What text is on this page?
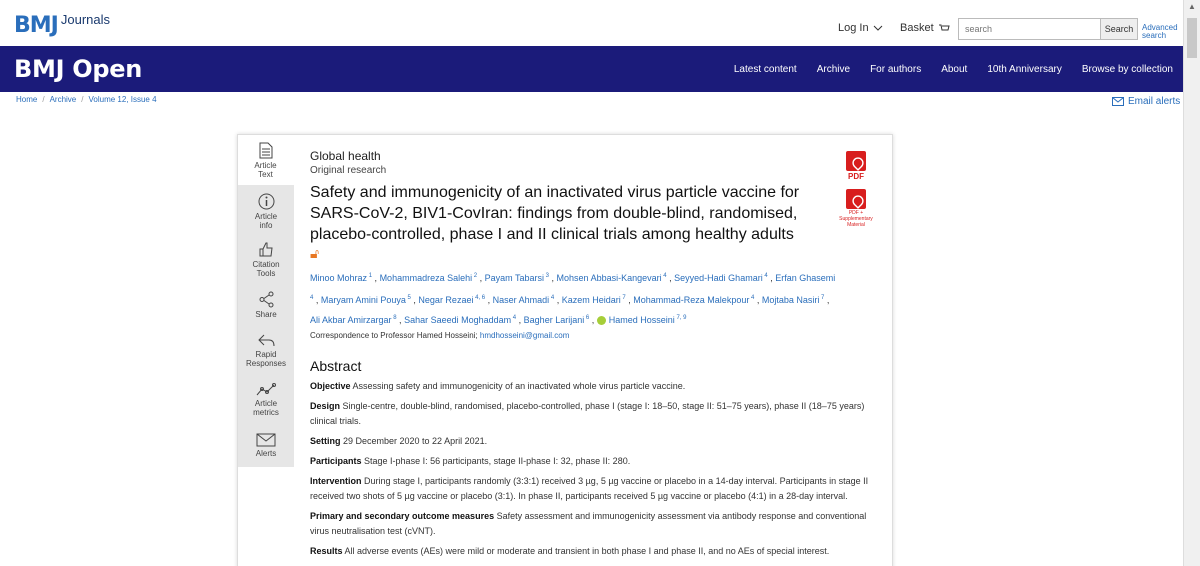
BMJ Journals
Log In	Basket
search	Search	Advanced search
BMJ Open	Latest content Archive For authors About 10th Anniversary Browse by collection
Home / Archive / Volume 12, Issue 4	Email alerts
Article Text
Article info
Citation Tools
Share
Rapid Responses
Article metrics
Alerts
PDF
PDF + Supplementary Material
Global health
Original research
Safety and immunogenicity of an inactivated virus particle vaccine for SARS-CoV-2, BIV1-CovIran: findings from double-blind, randomised, placebo-controlled, phase I and II clinical trials among healthy adults
🔓︎
Minoo Mohraz $^1$ , Mohammadreza Salehi $^2$ , Payam Tabarsi $^3$ , Mohsen Abbasi-Kangevari $^4$ , Seyyed-Hadi Ghamari $^4$ , Erfan Ghasemi $^4$ , Maryam Amini Pouya $^5$ , Negar Rezaei $^{4, 6}$ , Naser Ahmadi $^4$ , Kazem Heidari $^7$ , Mohammad-Reza Malekpour $^4$ , Mojtaba Nasiri $^7$ , Ali Akbar Amirzargar $^8$ , Sahar Saeedi Moghaddam $^4$ , Bagher Larijani $^6$ , Hamed Hosseini $^{7, 9}$
Correspondence to Professor Hamed Hosseini; hmdhosseini@gmail.com
Abstract
Objective Assessing safety and immunogenicity of an inactivated whole virus particle vaccine.
Design Single-centre, double-blind, randomised, placebo-controlled, phase I (stage I: 18–50, stage II: 51–75 years), phase II (18–75 years) clinical trials.
Setting 29 December 2020 to 22 April 2021.
Participants Stage I-phase I: 56 participants, stage II-phase I: 32, phase II: 280.
Intervention During stage I, participants randomly (3:3:1) received 3 µg, 5 µg vaccine or placebo in a 14-day interval. Participants in stage II received two shots of 5 µg vaccine or placebo (3:1). In phase II, participants received 5 µg vaccine or placebo (4:1) in a 28-day interval.
Primary and secondary outcome measures Safety assessment and immunogenicity assessment via antibody response and conventional virus neutralisation test (cVNT).
Results All adverse events (AEs) were mild or moderate and transient in both phase I and phase II, and no AEs of special interest.
▲
